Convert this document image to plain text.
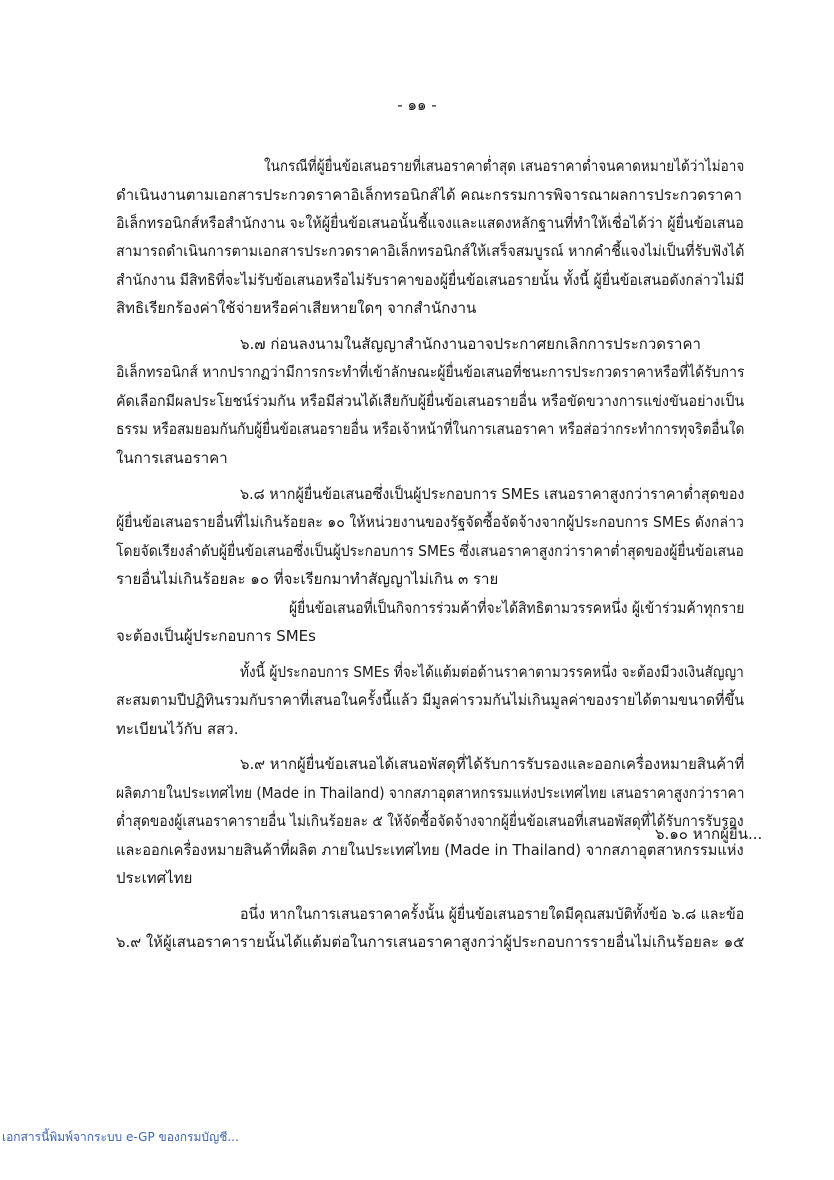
- ๑๑ -
ในกรณีที่ผู้ยื่นข้อเสนอรายที่เสนอราคาต่ำสุด เสนอราคาต่ำจนคาดหมายได้ว่าไม่อาจ
ดำเนินงานตามเอกสารประกวดราคาอิเล็กทรอนิกส์ได้ คณะกรรมการพิจารณาผลการประกวดราคา
อิเล็กทรอนิกส์หรือสำนักงาน จะให้ผู้ยื่นข้อเสนอนั้นชี้แจงและแสดงหลักฐานที่ทำให้เชื่อได้ว่า ผู้ยื่นข้อเสนอ
สามารถดำเนินการตามเอกสารประกวดราคาอิเล็กทรอนิกส์ให้เสร็จสมบูรณ์ หากคำชี้แจงไม่เป็นที่รับฟังได้
สำนักงาน มีสิทธิที่จะไม่รับข้อเสนอหรือไม่รับราคาของผู้ยื่นข้อเสนอรายนั้น ทั้งนี้ ผู้ยื่นข้อเสนอดังกล่าวไม่มี
สิทธิเรียกร้องค่าใช้จ่ายหรือค่าเสียหายใดๆ จากสำนักงาน
๖.๗ ก่อนลงนามในสัญญาสำนักงานอาจประกาศยกเลิกการประกวดราคา
อิเล็กทรอนิกส์ หากปรากฏว่ามีการกระทำที่เข้าลักษณะผู้ยื่นข้อเสนอที่ชนะการประกวดราคาหรือที่ได้รับการ
คัดเลือกมีผลประโยชน์ร่วมกัน หรือมีส่วนได้เสียกับผู้ยื่นข้อเสนอรายอื่น หรือขัดขวางการแข่งขันอย่างเป็น
ธรรม หรือสมยอมกันกับผู้ยื่นข้อเสนอรายอื่น หรือเจ้าหน้าที่ในการเสนอราคา หรือส่อว่ากระทำการทุจริตอื่นใด
ในการเสนอราคา
๖.๘ หากผู้ยื่นข้อเสนอซึ่งเป็นผู้ประกอบการ SMEs เสนอราคาสูงกว่าราคาต่ำสุดของ
ผู้ยื่นข้อเสนอรายอื่นที่ไม่เกินร้อยละ ๑๐ ให้หน่วยงานของรัฐจัดซื้อจัดจ้างจากผู้ประกอบการ SMEs ดังกล่าว
โดยจัดเรียงลำดับผู้ยื่นข้อเสนอซึ่งเป็นผู้ประกอบการ SMEs ซึ่งเสนอราคาสูงกว่าราคาต่ำสุดของผู้ยื่นข้อเสนอ
รายอื่นไม่เกินร้อยละ ๑๐ ที่จะเรียกมาทำสัญญาไม่เกิน ๓ ราย
ผู้ยื่นข้อเสนอที่เป็นกิจการร่วมค้าที่จะได้สิทธิตามวรรคหนึ่ง ผู้เข้าร่วมค้าทุกราย
จะต้องเป็นผู้ประกอบการ SMEs
ทั้งนี้ ผู้ประกอบการ SMEs ที่จะได้แต้มต่อด้านราคาตามวรรคหนึ่ง จะต้องมีวงเงินสัญญา
สะสมตามปีปฏิทินรวมกับราคาที่เสนอในครั้งนี้แล้ว มีมูลค่ารวมกันไม่เกินมูลค่าของรายได้ตามขนาดที่ขึ้น
ทะเบียนไว้กับ สสว.
๖.๙ หากผู้ยื่นข้อเสนอได้เสนอพัสดุที่ได้รับการรับรองและออกเครื่องหมายสินค้าที่
ผลิตภายในประเทศไทย (Made in Thailand) จากสภาอุตสาหกรรมแห่งประเทศไทย เสนอราคาสูงกว่าราคา
ต่ำสุดของผู้เสนอราคารายอื่น ไม่เกินร้อยละ ๕ ให้จัดซื้อจัดจ้างจากผู้ยื่นข้อเสนอที่เสนอพัสดุที่ได้รับการรับรอง
และออกเครื่องหมายสินค้าที่ผลิต ภายในประเทศไทย (Made in Thailand) จากสภาอุตสาหกรรมแห่ง
ประเทศไทย
อนึ่ง หากในการเสนอราคาครั้งนั้น ผู้ยื่นข้อเสนอรายใดมีคุณสมบัติทั้งข้อ ๖.๘ และข้อ
๖.๙ ให้ผู้เสนอราคารายนั้นได้แต้มต่อในการเสนอราคาสูงกว่าผู้ประกอบการรายอื่นไม่เกินร้อยละ ๑๕
๖.๑๐ หากผู้ยื่น...
เอกสารนี้พิมพ์จากระบบ e-GP ของกรมบัญชี...
